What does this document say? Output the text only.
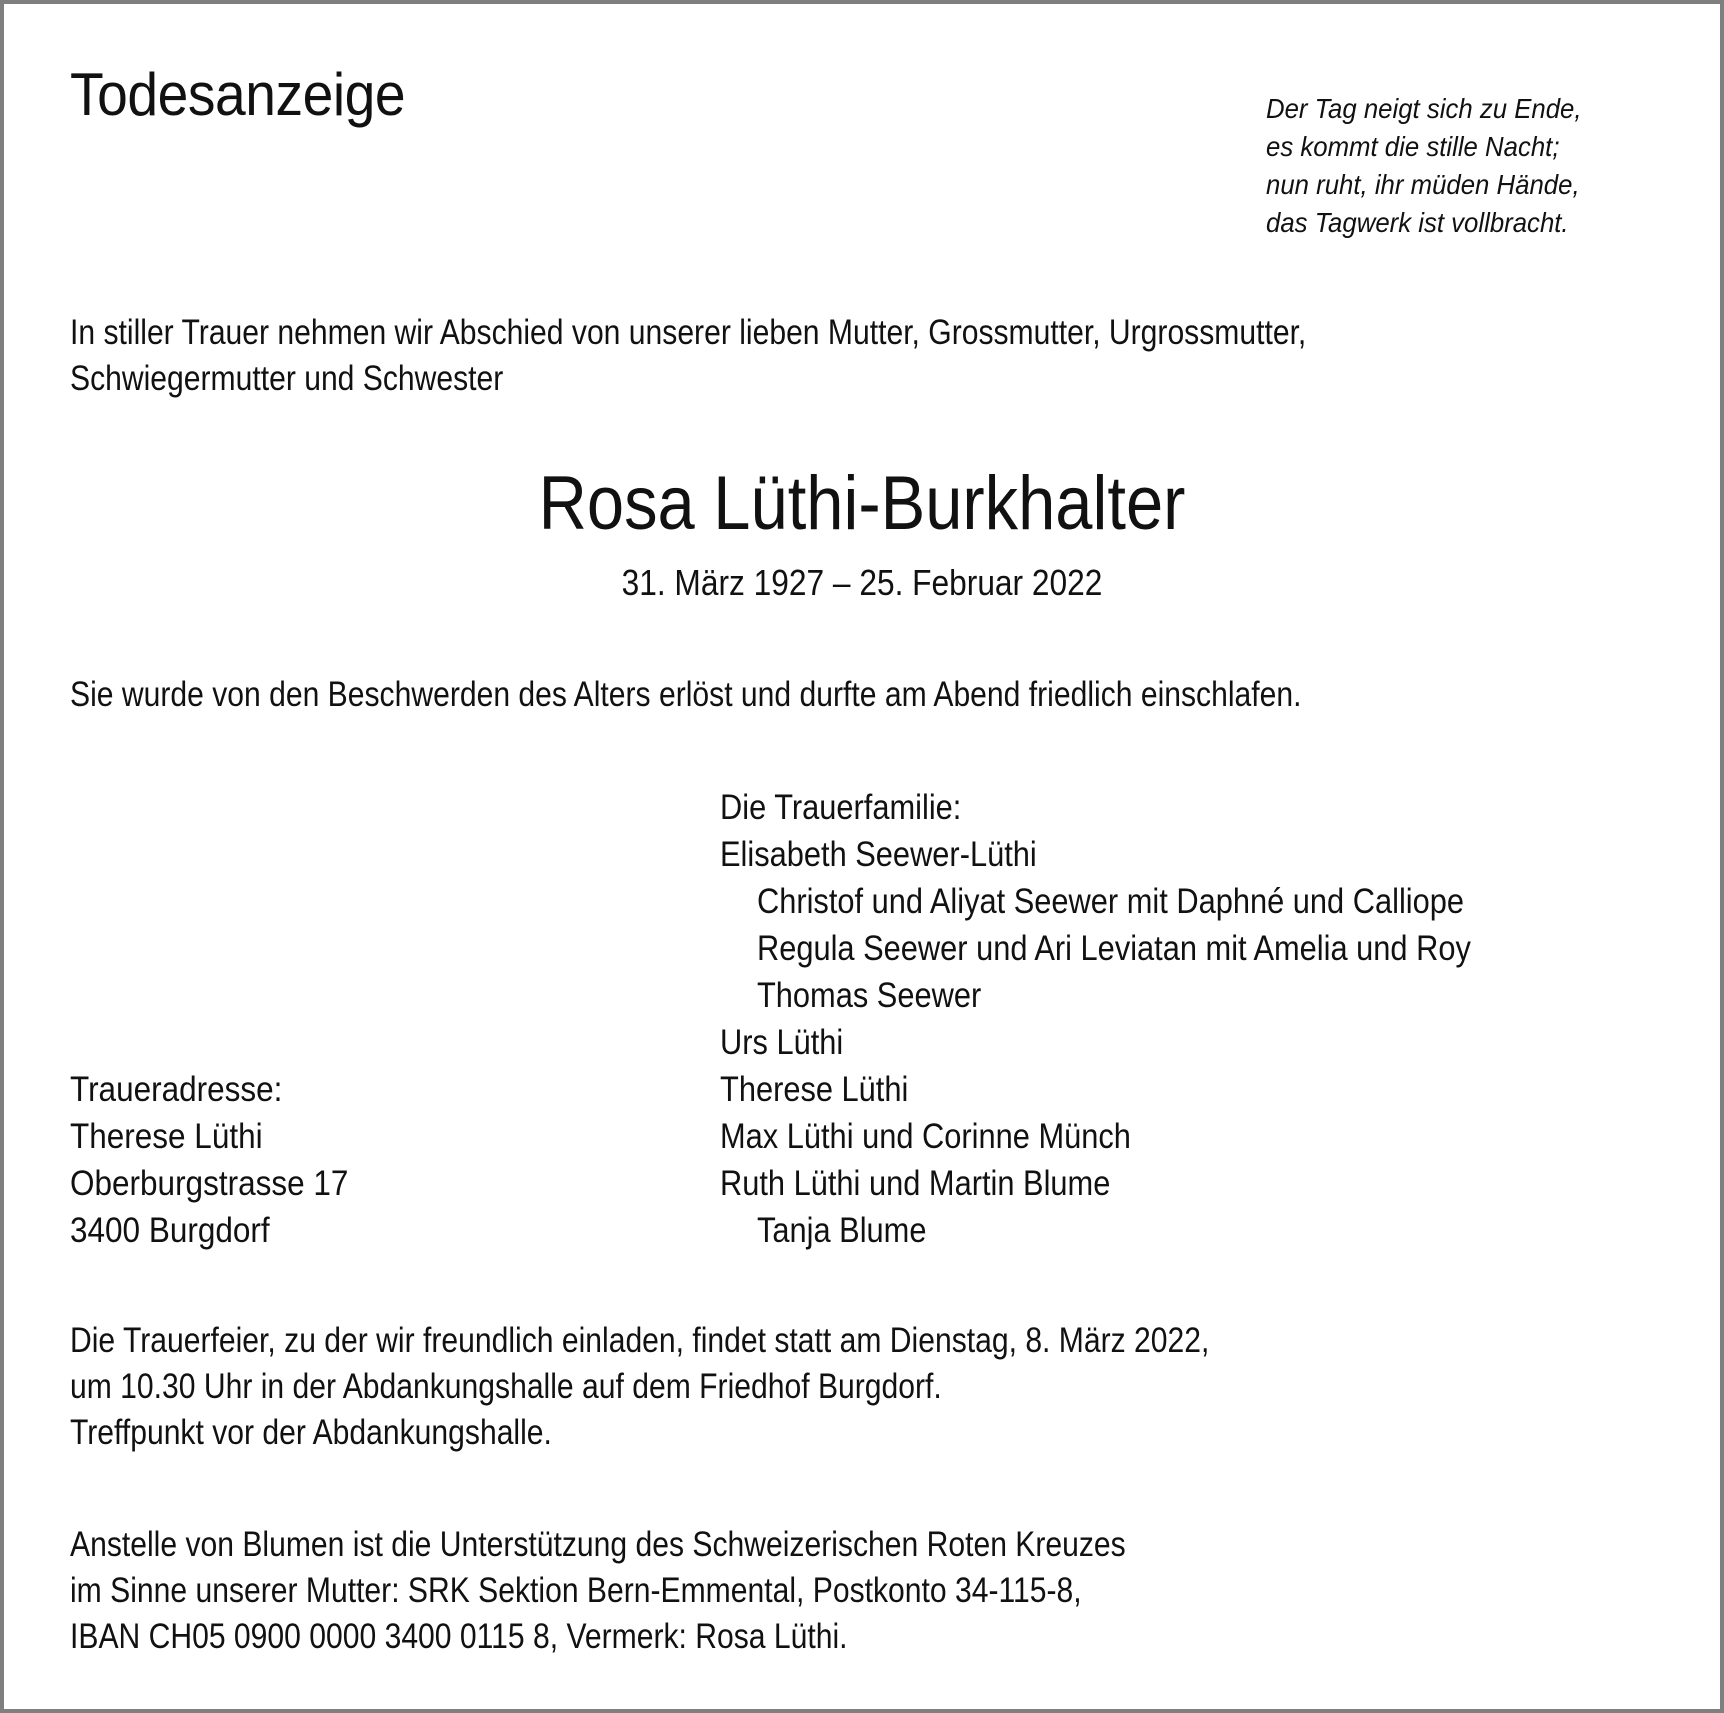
Todesanzeige	Der Tag neigt sich zu Ende,
es kommt die stille Nacht;
nun ruht, ihr müden Hände,
das Tagwerk ist vollbracht.
In stiller Trauer nehmen wir Abschied von unserer lieben Mutter, Grossmutter, Urgrossmutter,
Schwiegermutter und Schwester
Rosa Lüthi-Burkhalter
31. März 1927 – 25. Februar 2022
Sie wurde von den Beschwerden des Alters erlöst und durfte am Abend friedlich einschlafen.
Die Trauerfamilie:
Elisabeth Seewer-Lüthi
Christof und Aliyat Seewer mit Daphné und Calliope
Regula Seewer und Ari Leviatan mit Amelia und Roy
Thomas Seewer
Urs Lüthi
Therese Lüthi
Max Lüthi und Corinne Münch
Ruth Lüthi und Martin Blume
Tanja Blume
Traueradresse:
Therese Lüthi
Oberburgstrasse 17
3400 Burgdorf
Die Trauerfeier, zu der wir freundlich einladen, findet statt am Dienstag, 8. März 2022,
um 10.30 Uhr in der Abdankungshalle auf dem Friedhof Burgdorf.
Treffpunkt vor der Abdankungshalle.
Anstelle von Blumen ist die Unterstützung des Schweizerischen Roten Kreuzes
im Sinne unserer Mutter: SRK Sektion Bern-Emmental, Postkonto 34-115-8,
IBAN CH05 0900 0000 3400 0115 8, Vermerk: Rosa Lüthi.
